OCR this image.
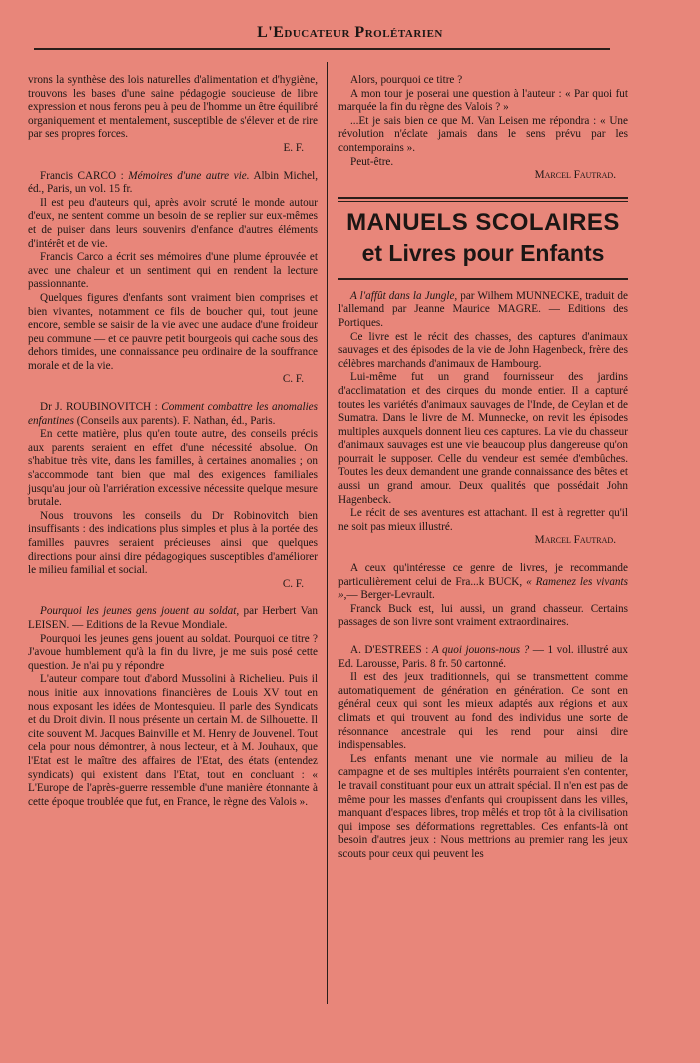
L'Educateur Prolétarien

vrons la synthèse des lois naturelles d'alimentation et d'hygiène, trouvons les bases d'une saine pédagogie soucieuse de libre expression et nous ferons peu à peu de l'homme un être équilibré organiquement et mentalement, susceptible de s'élever et de rire par ses propres forces.

E. F.

Francis CARCO : Mémoires d'une autre vie. Albin Michel, éd., Paris, un vol. 15 fr.

Il est peu d'auteurs qui, après avoir scruté le monde autour d'eux, ne sentent comme un besoin de se replier sur eux-mêmes et de puiser dans leurs souvenirs d'enfance d'autres éléments d'intérêt et de vie.

Francis Carco a écrit ses mémoires d'une plume éprouvée et avec une chaleur et un sentiment qui en rendent la lecture passionnante.

Quelques figures d'enfants sont vraiment bien comprises et bien vivantes, notamment ce fils de boucher qui, tout jeune encore, semble se saisir de la vie avec une audace d'une froideur peu commune — et ce pauvre petit bourgeois qui cache sous des dehors timides, une connaissance peu ordinaire de la souffrance morale et de la vie.

C. F.

Dr J. ROUBINOVITCH : Comment combattre les anomalies enfantines (Conseils aux parents). F. Nathan, éd., Paris.

En cette matière, plus qu'en toute autre, des conseils précis aux parents seraient en effet d'une nécessité absolue. On s'habitue très vite, dans les familles, à certaines anomalies ; on s'accommode tant bien que mal des exigences familiales jusqu'au jour où l'arriération excessive nécessite quelque mesure brutale.

Nous trouvons les conseils du Dr Robinovitch bien insuffisants : des indications plus simples et plus à la portée des familles pauvres seraient précieuses ainsi que quelques directions pour ainsi dire pédagogiques susceptibles d'améliorer le milieu familial et social.

C. F.

Pourquoi les jeunes gens jouent au soldat, par Herbert Van LEISEN. — Editions de la Revue Mondiale.

Pourquoi les jeunes gens jouent au soldat. Pourquoi ce titre ? J'avoue humblement qu'à la fin du livre, je me suis posé cette question. Je n'ai pu y répondre

L'auteur compare tout d'abord Mussolini à Richelieu. Puis il nous initie aux innovations financières de Louis XV tout en nous exposant les idées de Montesquieu. Il parle des Syndicats et du Droit divin. Il nous présente un certain M. de Silhouette. Il cite souvent M. Jacques Bainville et M. Henry de Jouvenel. Tout cela pour nous démontrer, à nous lecteur, et à M. Jouhaux, que l'Etat est le maître des affaires de l'Etat, des états (entendez syndicats) qui existent dans l'Etat, tout en concluant : « L'Europe de l'après-guerre ressemble d'une manière étonnante à cette époque troublée que fut, en France, le règne des Valois ».

Alors, pourquoi ce titre ?

A mon tour je poserai une question à l'auteur : « Par quoi fut marquée la fin du règne des Valois ? »

...Et je sais bien ce que M. Van Leisen me répondra : « Une révolution n'éclate jamais dans le sens prévu par les contemporains ».

Peut-être.

Marcel Fautrad.
MANUELS SCOLAIRES
et Livres pour Enfants

A l'affût dans la Jungle, par Wilhem MUNNECKE, traduit de l'allemand par Jeanne Maurice MAGRE. — Editions des Portiques.

Ce livre est le récit des chasses, des captures d'animaux sauvages et des épisodes de la vie de John Hagenbeck, frère des célèbres marchands d'animaux de Hambourg.

Lui-même fut un grand fournisseur des jardins d'acclimatation et des cirques du monde entier. Il a capturé toutes les variétés d'animaux sauvages de l'Inde, de Ceylan et de Sumatra. Dans le livre de M. Munnecke, on revit les épisodes multiples auxquels donnent lieu ces captures. La vie du chasseur d'animaux sauvages est une vie beaucoup plus dangereuse qu'on pourrait le supposer. Celle du vendeur est semée d'embûches. Toutes les deux demandent une grande connaissance des bêtes et aussi un grand amour. Deux qualités que possédait John Hagenbeck.

Le récit de ses aventures est attachant. Il est à regretter qu'il ne soit pas mieux illustré.

Marcel Fautrad.

A ceux qu'intéresse ce genre de livres, je recommande particulièrement celui de Fra...k BUCK, « Ramenez les vivants »,— Berger-Levrault.

Franck Buck est, lui aussi, un grand chasseur. Certains passages de son livre sont vraiment extraordinaires.

A. D'ESTREES : A quoi jouons-nous ? — 1 vol. illustré aux Ed. Larousse, Paris. 8 fr. 50 cartonné.

Il est des jeux traditionnels, qui se transmettent comme automatiquement de génération en génération. Ce sont en général ceux qui sont les mieux adaptés aux régions et aux climats et qui trouvent au fond des individus une sorte de résonnance ancestrale qui les rend pour ainsi dire indispensables.

Les enfants menant une vie normale au milieu de la campagne et de ses multiples intérêts pourraient s'en contenter, le travail constituant pour eux un attrait spécial. Il n'en est pas de même pour les masses d'enfants qui croupissent dans les villes, manquant d'espaces libres, trop mêlés et trop tôt à la civilisation qui impose ses déformations regrettables. Ces enfants-là ont besoin d'autres jeux : Nous mettrions au premier rang les jeux scouts pour ceux qui peuvent les
